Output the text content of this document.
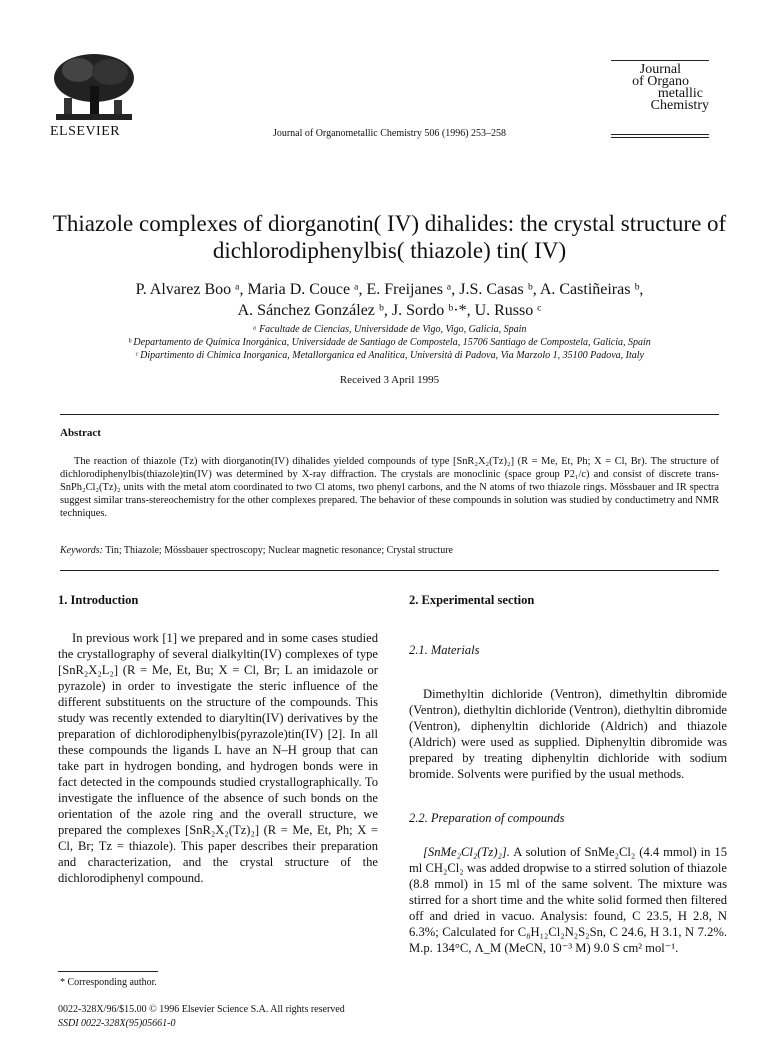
ELSEVIER	Journal of Organometallic Chemistry 506 (1996) 253–258
Journal
of Organo
metallic
Chemistry
Thiazole complexes of diorganotin( IV) dihalides: the crystal structure of dichlorodiphenylbis( thiazole) tin( IV)
P. Alvarez Boo ᵃ, Maria D. Couce ᵃ, E. Freijanes ᵃ, J.S. Casas ᵇ, A. Castiñeiras ᵇ,
A. Sánchez González ᵇ, J. Sordo ᵇ·*, U. Russo ᶜ
ᵃ Facultade de Ciencias, Universidade de Vigo, Vigo, Galicia, Spain
ᵇ Departamento de Química Inorgánica, Universidade de Santiago de Compostela, 15706 Santiago de Compostela, Galicia, Spain
ᶜ Dipartimento di Chimica Inorganica, Metallorganica ed Analitica, Università di Padova, Via Marzolo 1, 35100 Padova, Italy
Received 3 April 1995
Abstract
The reaction of thiazole (Tz) with diorganotin(IV) dihalides yielded compounds of type [SnR₂X₂(Tz)₂] (R = Me, Et, Ph; X = Cl, Br). The structure of dichlorodiphenylbis(thiazole)tin(IV) was determined by X-ray diffraction. The crystals are monoclinic (space group P2₁/c) and consist of discrete trans-SnPh₂Cl₂(Tz)₂ units with the metal atom coordinated to two Cl atoms, two phenyl carbons, and the N atoms of two thiazole rings. Mössbauer and IR spectra suggest similar trans-stereochemistry for the other complexes prepared. The behavior of these compounds in solution was studied by conductimetry and NMR techniques.
Keywords: Tin; Thiazole; Mössbauer spectroscopy; Nuclear magnetic resonance; Crystal structure
1. Introduction
In previous work [1] we prepared and in some cases studied the crystallography of several dialkyltin(IV) complexes of type [SnR₂X₂L₂] (R = Me, Et, Bu; X = Cl, Br; L an imidazole or pyrazole) in order to investigate the steric influence of the different substituents on the structure of the compounds. This study was recently extended to diaryltin(IV) derivatives by the preparation of dichlorodiphenylbis(pyrazole)tin(IV) [2]. In all these compounds the ligands L have an N–H group that can take part in hydrogen bonding, and hydrogen bonds were in fact detected in the compounds studied crystallographically. To investigate the influence of the absence of such bonds on the orientation of the azole ring and the overall structure, we prepared the complexes [SnR₂X₂(Tz)₂] (R = Me, Et, Ph; X = Cl, Br; Tz = thiazole). This paper describes their preparation and characterization, and the crystal structure of the dichlorodiphenyl compound.
2. Experimental section
2.1. Materials
Dimethyltin dichloride (Ventron), dimethyltin dibromide (Ventron), diethyltin dichloride (Ventron), diethyltin dibromide (Ventron), diphenyltin dichloride (Aldrich) and thiazole (Aldrich) were used as supplied. Diphenyltin dibromide was prepared by treating diphenyltin dichloride with sodium bromide. Solvents were purified by the usual methods.
2.2. Preparation of compounds
[SnMe₂Cl₂(Tz)₂]. A solution of SnMe₂Cl₂ (4.4 mmol) in 15 ml CH₂Cl₂ was added dropwise to a stirred solution of thiazole (8.8 mmol) in 15 ml of the same solvent. The mixture was stirred for a short time and the white solid formed then filtered off and dried in vacuo. Analysis: found, C 23.5, H 2.8, N 6.3%; Calculated for C₈H₁₂Cl₂N₂S₂Sn, C 24.6, H 3.1, N 7.2%. M.p. 134°C, Λ_M (MeCN, 10⁻³ M) 9.0 S cm² mol⁻¹.
* Corresponding author.
0022-328X/96/$15.00 © 1996 Elsevier Science S.A. All rights reserved
SSDI 0022-328X(95)05661-0
